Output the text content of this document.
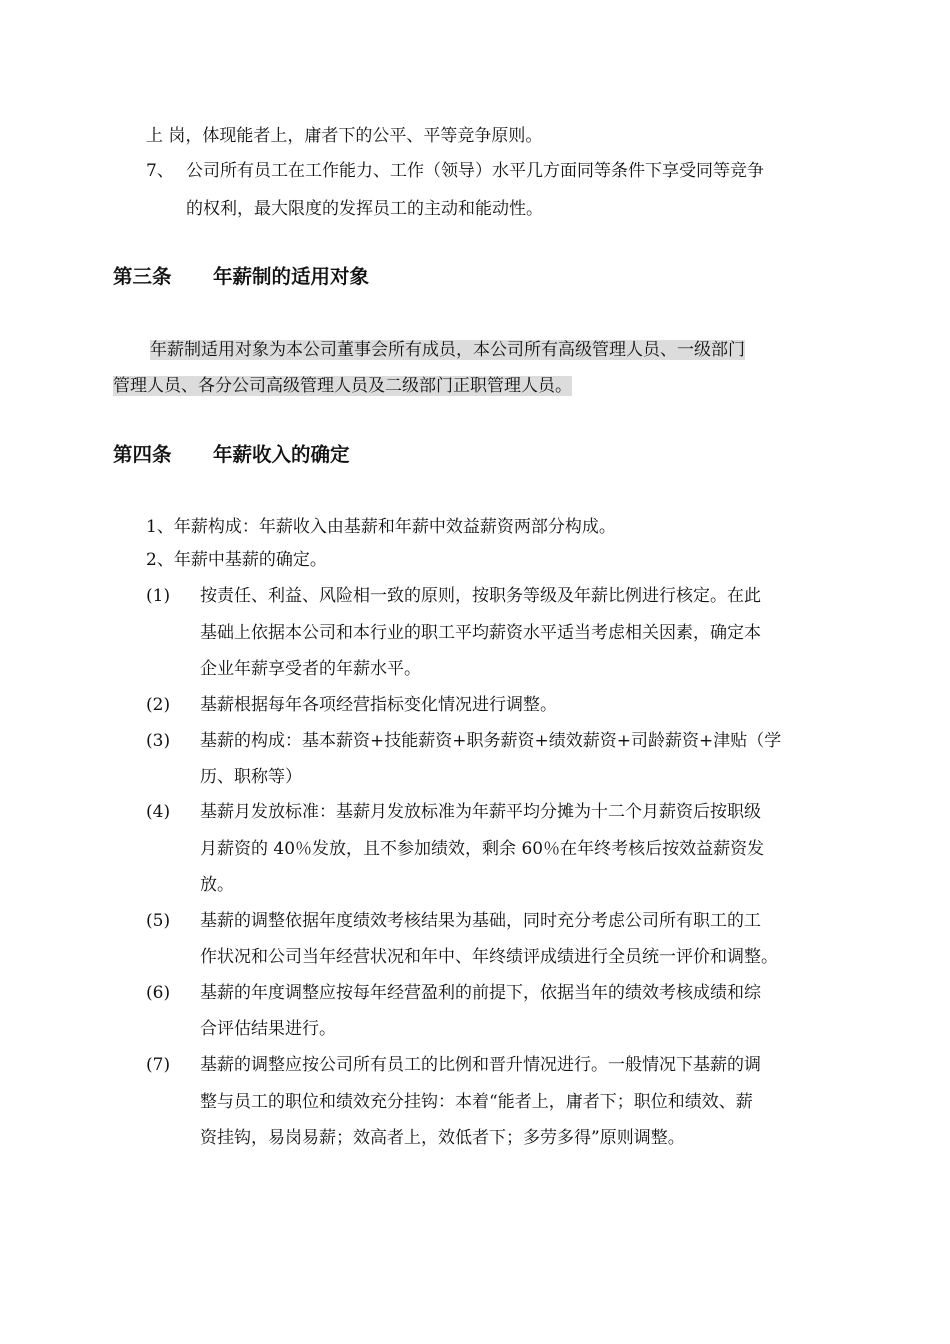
上 岗，体现能者上，庸者下的公平、平等竞争原则。
7、 公司所有员工在工作能力、工作（领导）水平几方面同等条件下享受同等竞争
的权利，最大限度的发挥员工的主动和能动性。
第三条 年薪制的适用对象
年薪制适用对象为本公司董事会所有成员，本公司所有高级管理人员、一级部门
管理人员、各分公司高级管理人员及二级部门正职管理人员。
第四条 年薪收入的确定
1、年薪构成：年薪收入由基薪和年薪中效益薪资两部分构成。
2、年薪中基薪的确定。
(1) 按责任、利益、风险相一致的原则，按职务等级及年薪比例进行核定。在此
基础上依据本公司和本行业的职工平均薪资水平适当考虑相关因素，确定本
企业年薪享受者的年薪水平。
(2) 基薪根据每年各项经营指标变化情况进行调整。
(3) 基薪的构成：基本薪资+技能薪资+职务薪资+绩效薪资+司龄薪资+津贴（学
历、职称等）
(4) 基薪月发放标准：基薪月发放标准为年薪平均分摊为十二个月薪资后按职级
月薪资的 40％发放，且不参加绩效，剩余 60％在年终考核后按效益薪资发
放。
(5) 基薪的调整依据年度绩效考核结果为基础，同时充分考虑公司所有职工的工
作状况和公司当年经营状况和年中、年终绩评成绩进行全员统一评价和调整。
(6) 基薪的年度调整应按每年经营盈利的前提下，依据当年的绩效考核成绩和综
合评估结果进行。
(7) 基薪的调整应按公司所有员工的比例和晋升情况进行。一般情况下基薪的调
整与员工的职位和绩效充分挂钩：本着“能者上，庸者下；职位和绩效、薪
资挂钩，易岗易薪；效高者上，效低者下；多劳多得”原则调整。
